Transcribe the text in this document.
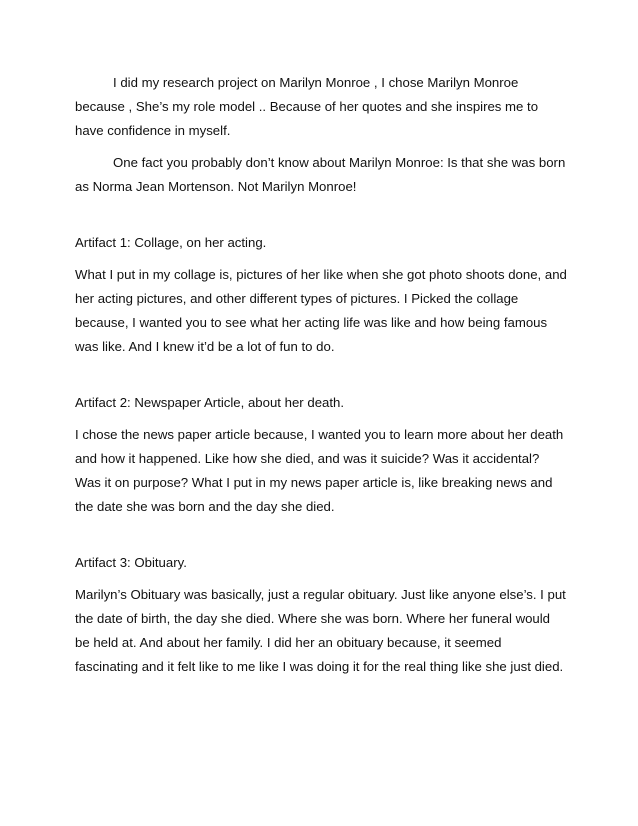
I did my research project on Marilyn Monroe , I chose Marilyn Monroe because , She’s my role model .. Because of her quotes and she inspires me to have confidence in myself.

One fact you probably don’t know about Marilyn Monroe: Is that she was born as Norma Jean Mortenson. Not Marilyn Monroe!

Artifact 1: Collage, on her acting.

What I put in my collage is, pictures of her like when she got photo shoots done, and her acting pictures, and other different types of pictures. I Picked the collage because, I wanted you to see what her acting life was like and how being famous was like. And I knew it’d be a lot of fun to do.

Artifact 2: Newspaper Article, about her death.

I chose the news paper article because, I wanted you to learn more about her death and how it happened. Like how she died, and was it suicide? Was it accidental? Was it on purpose? What I put in my news paper article is, like breaking news and the date she was born and the day she died.

Artifact 3: Obituary.

Marilyn’s Obituary was basically, just a regular obituary. Just like anyone else’s. I put the date of birth, the day she died. Where she was born. Where her funeral would be held at. And about her family. I did her an obituary because, it seemed fascinating and it felt like to me like I was doing it for the real thing like she just died.
